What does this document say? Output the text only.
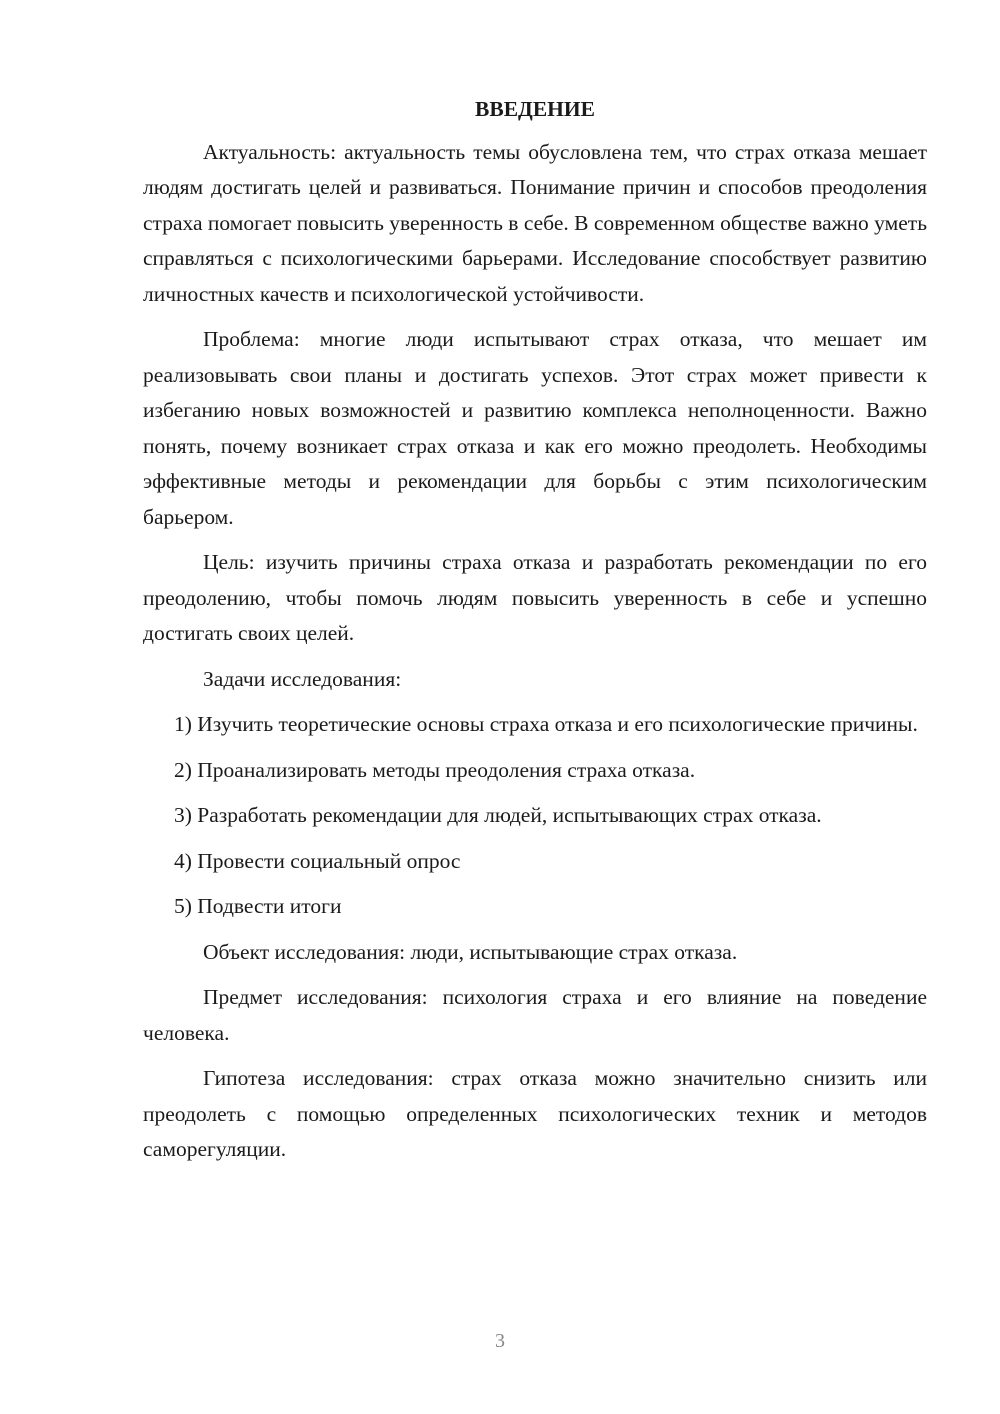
ВВЕДЕНИЕ

Актуальность: актуальность темы обусловлена тем, что страх отказа мешает людям достигать целей и развиваться. Понимание причин и способов преодоления страха помогает повысить уверенность в себе. В современном обществе важно уметь справляться с психологическими барьерами. Исследование способствует развитию личностных качеств и психологической устойчивости.

Проблема: многие люди испытывают страх отказа, что мешает им реализовывать свои планы и достигать успехов. Этот страх может привести к избеганию новых возможностей и развитию комплекса неполноценности. Важно понять, почему возникает страх отказа и как его можно преодолеть. Необходимы эффективные методы и рекомендации для борьбы с этим психологическим барьером.

Цель: изучить причины страха отказа и разработать рекомендации по его преодолению, чтобы помочь людям повысить уверенность в себе и успешно достигать своих целей.

Задачи исследования:

1) Изучить теоретические основы страха отказа и его психологические причины.

2) Проанализировать методы преодоления страха отказа.

3) Разработать рекомендации для людей, испытывающих страх отказа.

4) Провести социальный опрос

5) Подвести итоги

Объект исследования: люди, испытывающие страх отказа.

Предмет исследования: психология страха и его влияние на поведение человека.

Гипотеза исследования: страх отказа можно значительно снизить или преодолеть с помощью определенных психологических техник и методов саморегуляции.

3
